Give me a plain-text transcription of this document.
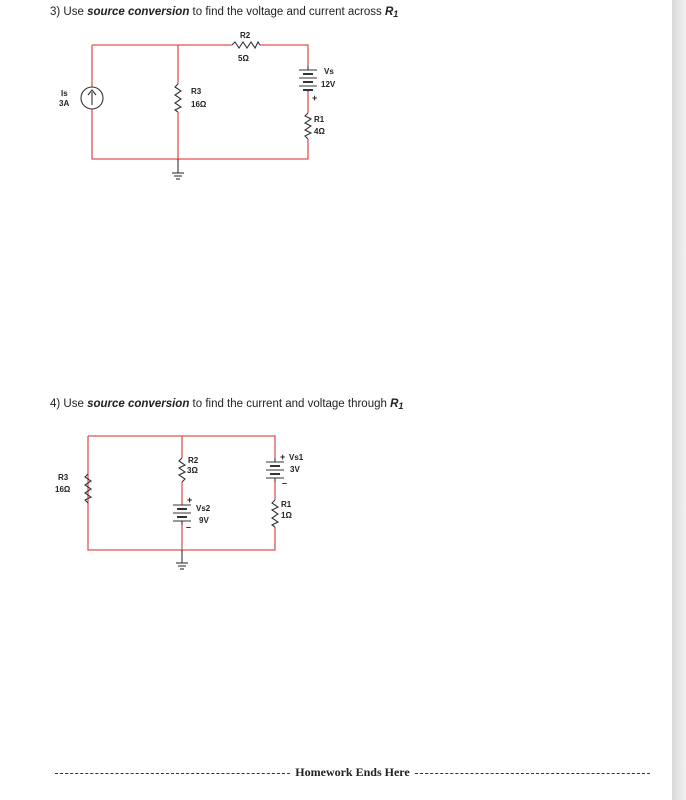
3) Use source conversion to find the voltage and current across $R_1$
R2
5Ω
Vs
12V
+
Is
3A
R3
16Ω
R1
4Ω
4) Use source conversion to find the current and voltage through $R_1$
R3
16Ω
R2
3Ω
+ Vs1
3V
–
+
Vs2
9V
–
R1
1Ω
Homework Ends Here
